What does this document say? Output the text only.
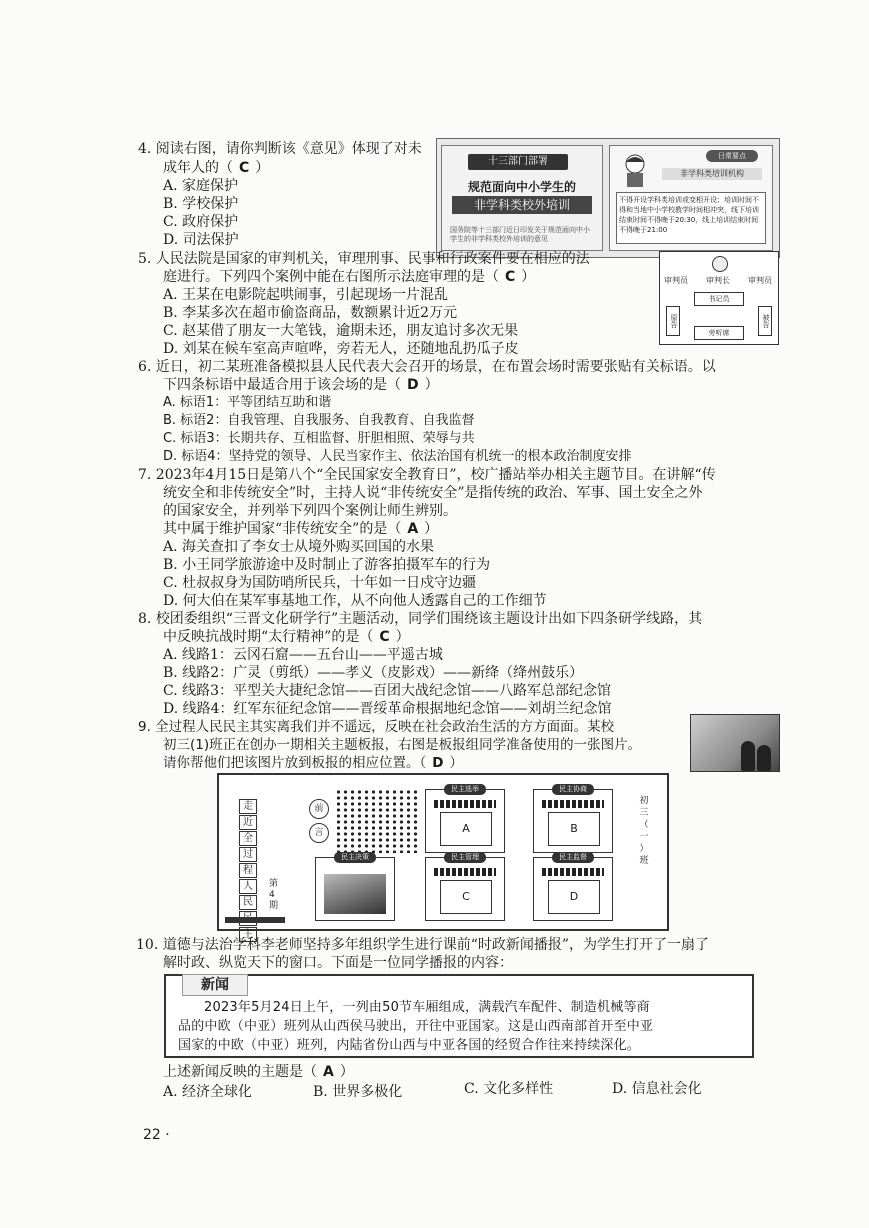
4. 阅读右图，请你判断该《意见》体现了对未
成年人的（ C ）
A. 家庭保护
B. 学校保护
C. 政府保护
D. 司法保护
十三部门部署
规范面向中小学生的
非学科类校外培训
国务院等十三部门近日印发关于规范面向中小学生的非学科类校外培训的意见
日常要点
非学科类培训机构
不得开设学科类培训或变相开设；培训时间不得和当地中小学校教学时间相冲突，线下培训结束时间不得晚于20:30，线上培训结束时间不得晚于21:00
5. 人民法院是国家的审判机关，审理刑事、民事和行政案件要在相应的法
庭进行。下列四个案例中能在右图所示法庭审理的是（ C ）
A. 王某在电影院起哄闹事，引起现场一片混乱
B. 李某多次在超市偷盗商品，数额累计近2万元
C. 赵某借了朋友一大笔钱，逾期未还，朋友追讨多次无果
D. 刘某在候车室高声喧哗，旁若无人，还随地乱扔瓜子皮
审判员 审判长 审判员
书记员
原告	被告
旁听席
6. 近日，初二某班准备模拟县人民代表大会召开的场景，在布置会场时需要张贴有关标语。以
下四条标语中最适合用于该会场的是（ D ）
A. 标语1：平等团结互助和谐
B. 标语2：自我管理、自我服务、自我教育、自我监督
C. 标语3：长期共存、互相监督、肝胆相照、荣辱与共
D. 标语4：坚持党的领导、人民当家作主、依法治国有机统一的根本政治制度安排
7. 2023年4月15日是第八个“全民国家安全教育日”，校广播站举办相关主题节目。在讲解“传
统安全和非传统安全”时，主持人说“非传统安全”是指传统的政治、军事、国土安全之外
的国家安全，并列举下列四个案例让师生辨别。
其中属于维护国家“非传统安全”的是（ A ）
A. 海关查扣了李女士从境外购买回国的水果
B. 小王同学旅游途中及时制止了游客拍摄军车的行为
C. 杜叔叔身为国防哨所民兵，十年如一日戍守边疆
D. 何大伯在某军事基地工作，从不向他人透露自己的工作细节
8. 校团委组织“三晋文化研学行”主题活动，同学们围绕该主题设计出如下四条研学线路，其
中反映抗战时期“太行精神”的是（ C ）
A. 线路1：云冈石窟——五台山——平遥古城
B. 线路2：广灵（剪纸）——孝义（皮影戏）——新绛（绛州鼓乐）
C. 线路3：平型关大捷纪念馆——百团大战纪念馆——八路军总部纪念馆
D. 线路4：红军东征纪念馆——晋绥革命根据地纪念馆——刘胡兰纪念馆
9. 全过程人民民主其实离我们并不遥远，反映在社会政治生活的方方面面。某校
初三(1)班正在创办一期相关主题板报，右图是板报组同学准备使用的一张图片。
请你帮他们把该图片放到板报的相应位置。（ D ）
走
近
全
过
程
人
民
主
第
4
期
前
言
民主选举
A
民主协商
B
民主决策	民主管理
C
民主监督
D
初
三
（
一
）
班
10. 道德与法治学科李老师坚持多年组织学生进行课前“时政新闻播报”，为学生打开了一扇了
解时政、纵览天下的窗口。下面是一位同学播报的内容：
新闻
2023年5月24日上午，一列由50节车厢组成，满载汽车配件、制造机械等商
品的中欧（中亚）班列从山西侯马驶出，开往中亚国家。这是山西南部首开至中亚
国家的中欧（中亚）班列，内陆省份山西与中亚各国的经贸合作往来持续深化。
上述新闻反映的主题是（ A ）
A. 经济全球化	B. 世界多极化	C. 文化多样性	D. 信息社会化
22 ·
